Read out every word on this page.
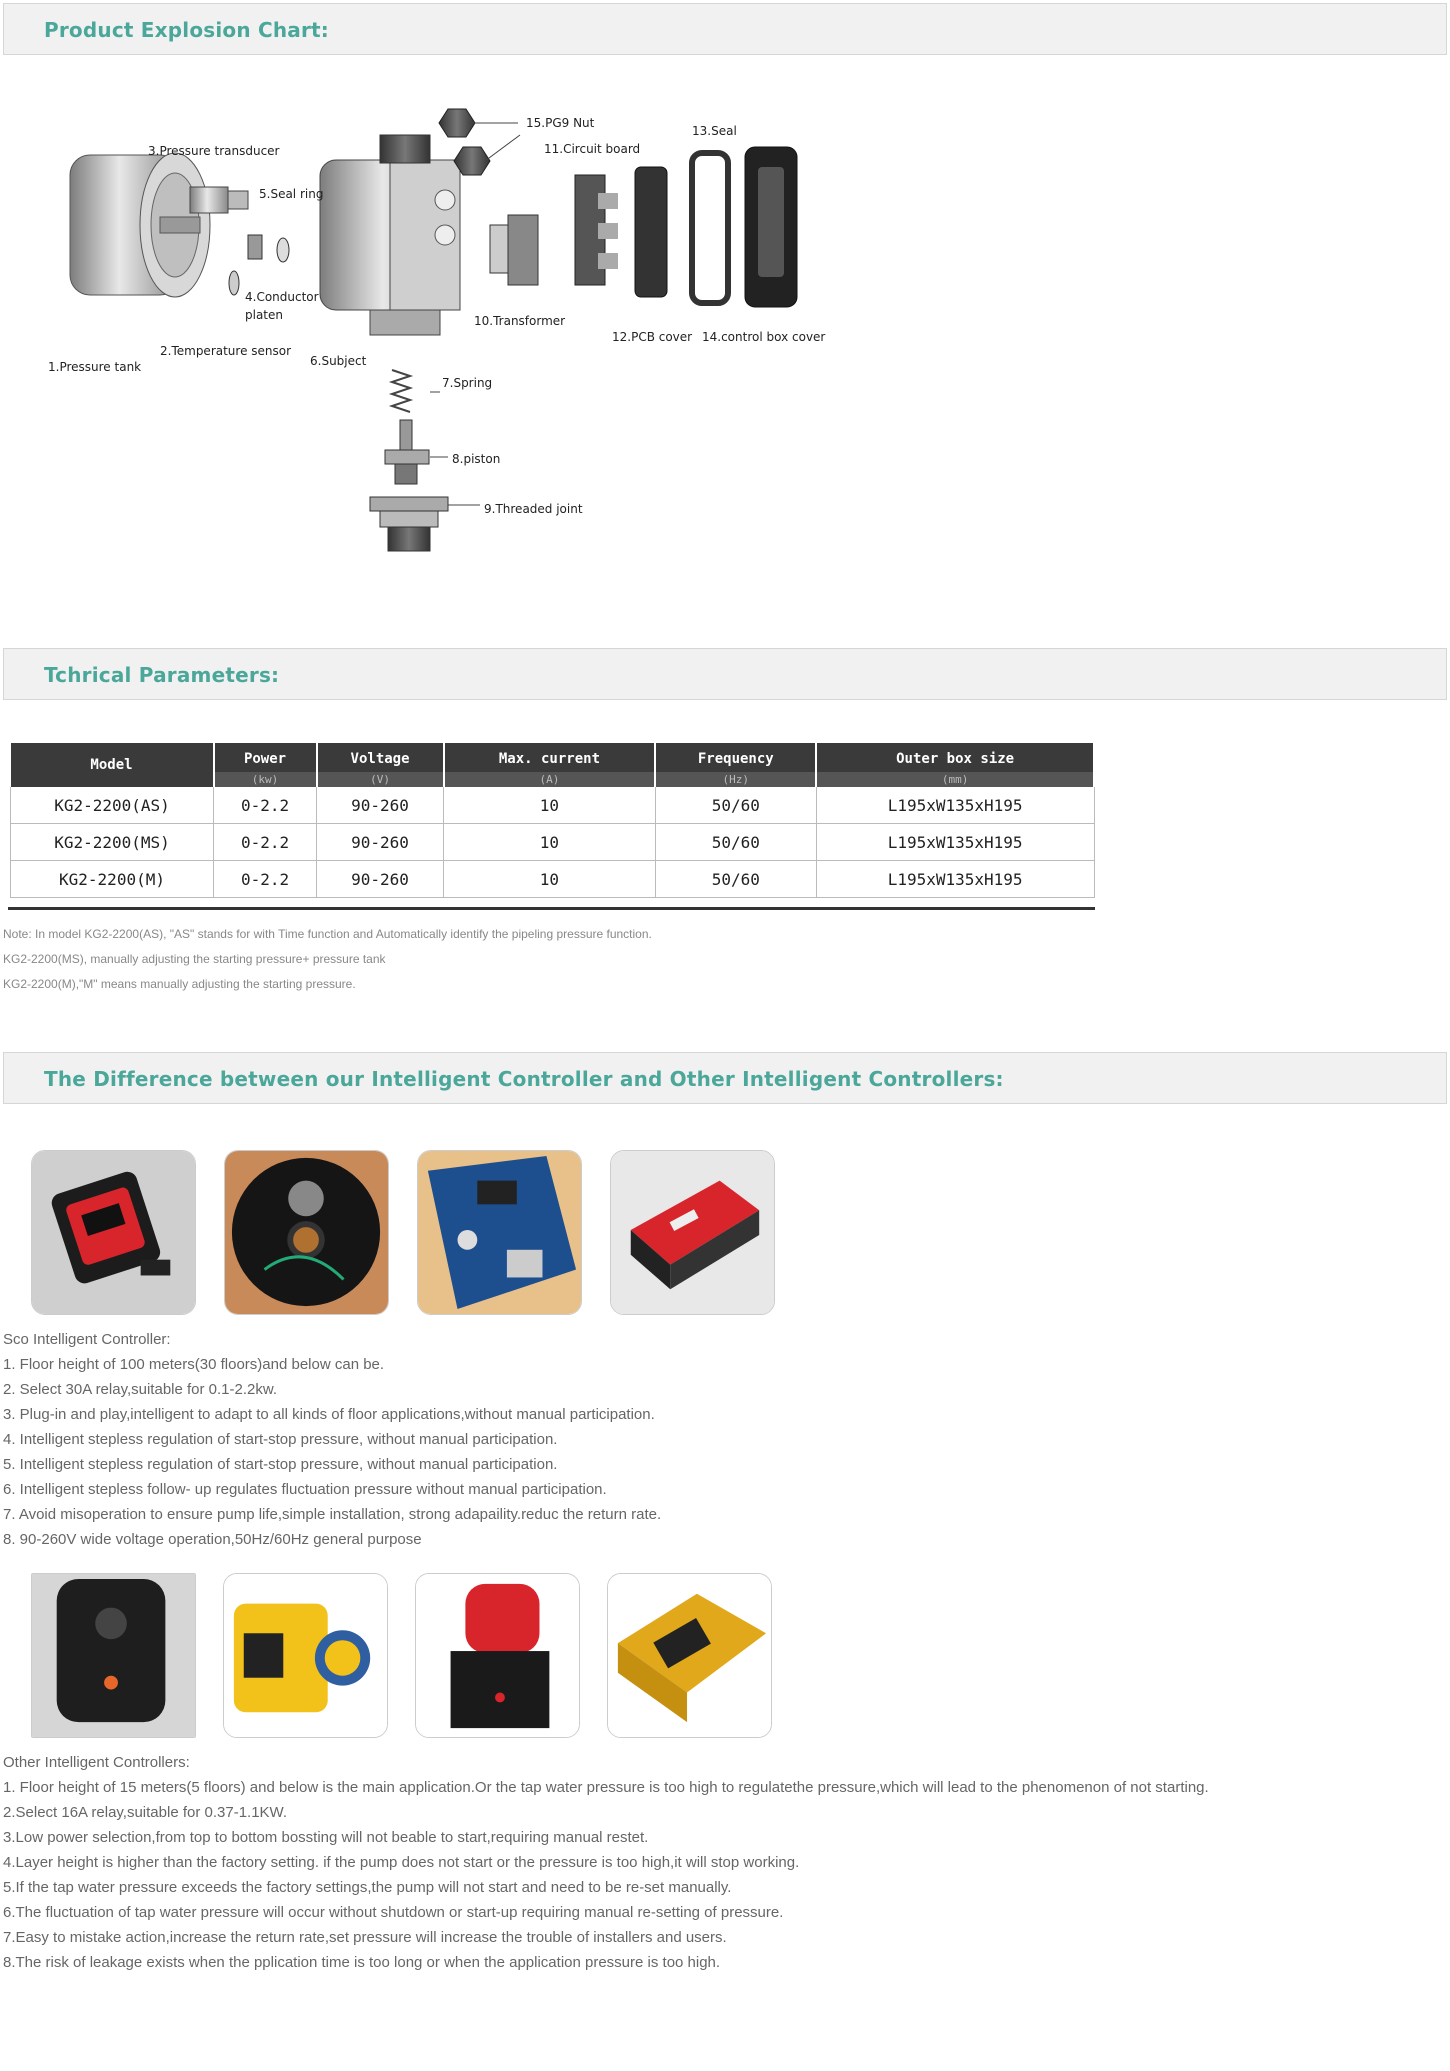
Product Explosion Chart:
1.Pressure tank
2.Temperature sensor
3.Pressure transducer
4.Conductor
platen
5.Seal ring
6.Subject
7.Spring
8.piston
9.Threaded joint
10.Transformer
11.Circuit board
12.PCB cover
13.Seal
14.control box cover
15.PG9 Nut
Tchrical Parameters:
Model	Power	Voltage	Max. current	Frequency	Outer box size
	(kw)	(V)	(A)	(Hz)	(mm)
KG2-2200(AS)	0-2.2	90-260	10	50/60	L195xW135xH195
KG2-2200(MS)	0-2.2	90-260	10	50/60	L195xW135xH195
KG2-2200(M)	0-2.2	90-260	10	50/60	L195xW135xH195
Note: In model KG2-2200(AS), "AS" stands for with Time function and Automatically identify the pipeling pressure function.
KG2-2200(MS), manually adjusting the starting pressure+ pressure tank
KG2-2200(M),"M" means manually adjusting the starting pressure.
The Difference between our Intelligent Controller and Other Intelligent Controllers:
Sco Intelligent Controller:
1. Floor height of 100 meters(30 floors)and below can be.
2. Select 30A relay,suitable for 0.1-2.2kw.
3. Plug-in and play,intelligent to adapt to all kinds of floor applications,without manual participation.
4. Intelligent stepless regulation of start-stop pressure, without manual participation.
5. Intelligent stepless regulation of start-stop pressure, without manual participation.
6. Intelligent stepless follow- up regulates fluctuation pressure without manual participation.
7. Avoid misoperation to ensure pump life,simple installation, strong adapaility.reduc the return rate.
8. 90-260V wide voltage operation,50Hz/60Hz general purpose
Other Intelligent Controllers:
1. Floor height of 15 meters(5 floors) and below is the main application.Or the tap water pressure is too high to regulatethe pressure,which will lead to the phenomenon of not starting.
2.Select 16A relay,suitable for 0.37-1.1KW.
3.Low power selection,from top to bottom bossting will not beable to start,requiring manual restet.
4.Layer height is higher than the factory setting. if the pump does not start or the pressure is too high,it will stop working.
5.If the tap water pressure exceeds the factory settings,the pump will not start and need to be re-set manually.
6.The fluctuation of tap water pressure will occur without shutdown or start-up requiring manual re-setting of pressure.
7.Easy to mistake action,increase the return rate,set pressure will increase the trouble of installers and users.
8.The risk of leakage exists when the pplication time is too long or when the application pressure is too high.
